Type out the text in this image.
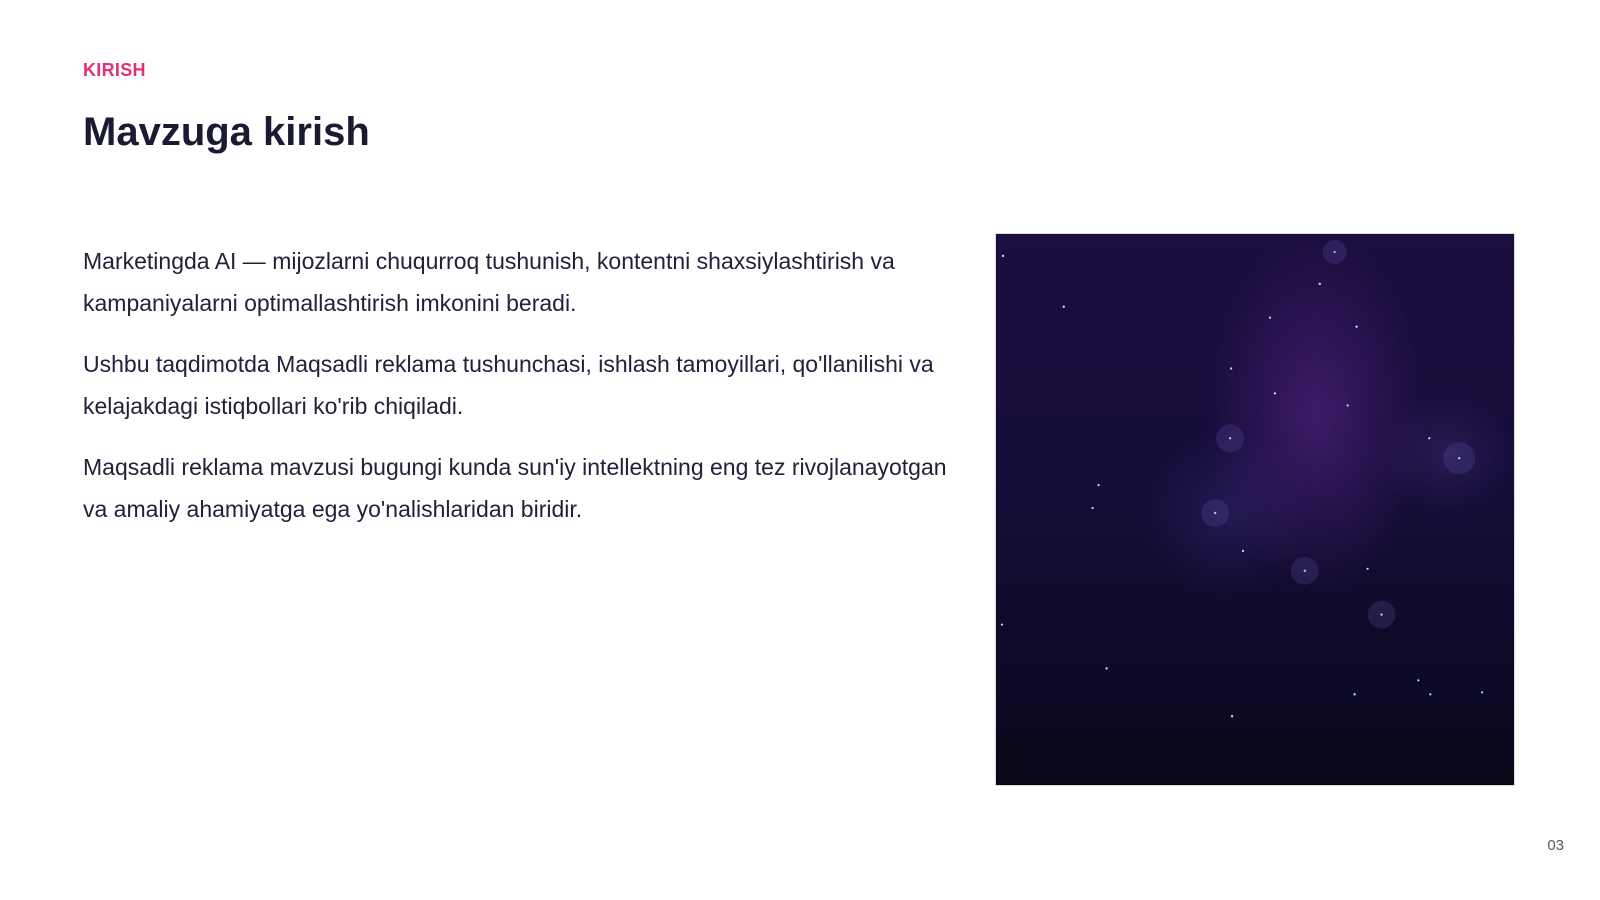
KIRISH
Mavzuga kirish

Marketingda AI — mijozlarni chuqurroq tushunish, kontentni shaxsiylashtirish va kampaniyalarni optimallashtirish imkonini beradi.

Ushbu taqdimotda Maqsadli reklama tushunchasi, ishlash tamoyillari, qo'llanilishi va kelajakdagi istiqbollari ko'rib chiqiladi.

Maqsadli reklama mavzusi bugungi kunda sun'iy intellektning eng tez rivojlanayotgan va amaliy ahamiyatga ega yo'nalishlaridan biridir.

03
